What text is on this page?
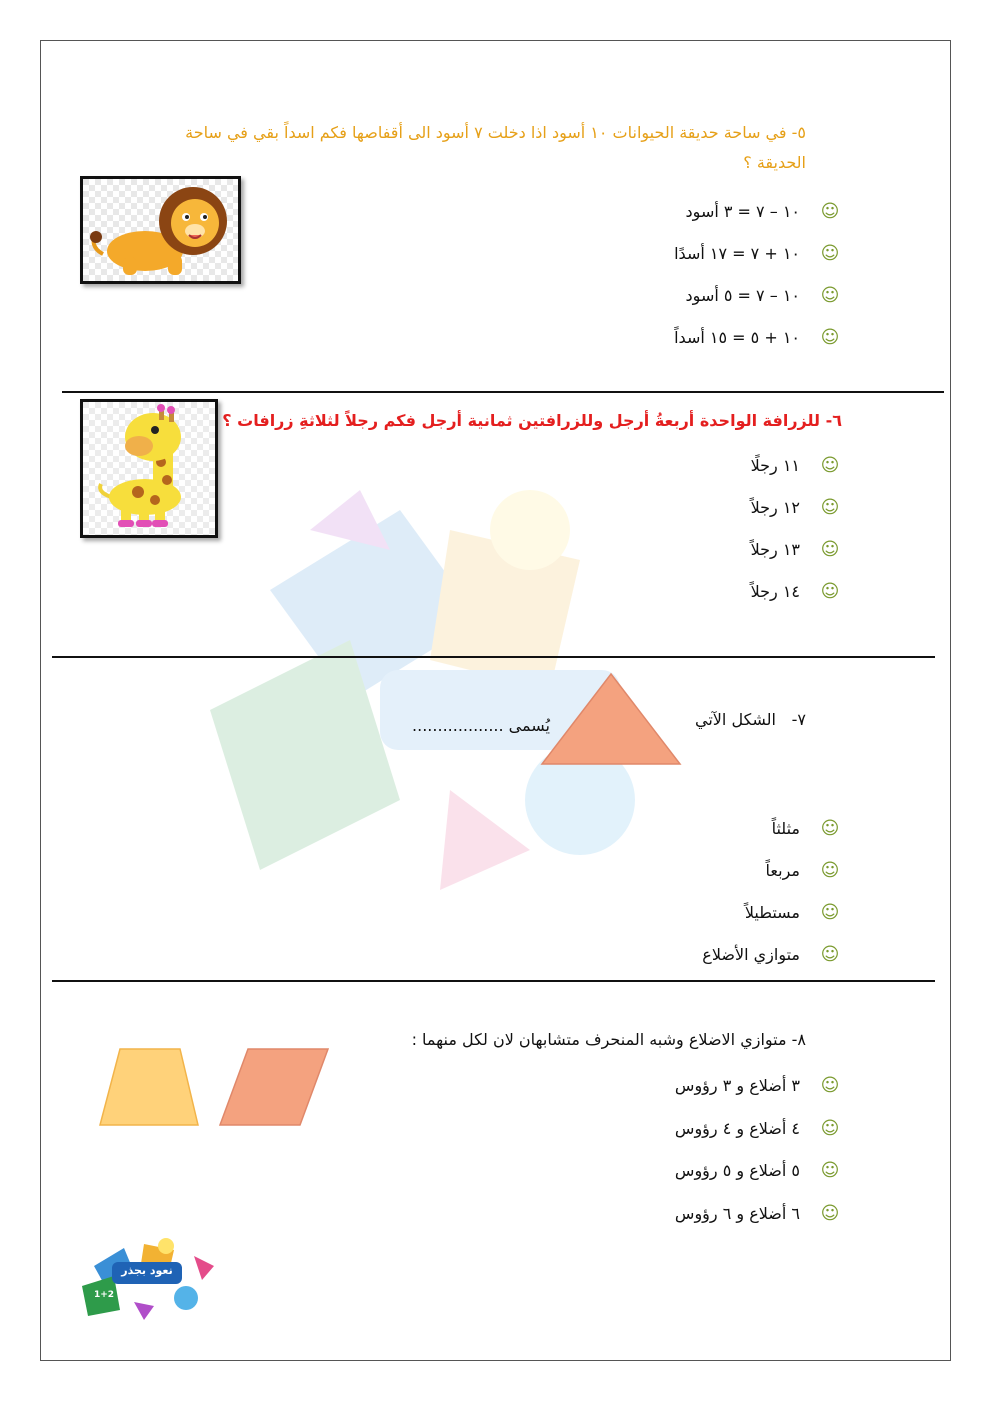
٥- في ساحة حديقة الحيوانات ١٠ أسود اذا دخلت ٧ أسود الى أقفاصها فكم اسداً بقي في ساحة الحديقة ؟
☺
١٠ – ٧ = ٣ أسود
☺
١٠ + ٧ = ١٧ أسدًا
☺
١٠ – ٧ = ٥ أسود
☺
١٠ + ٥ = ١٥ أسداً
٦- للزرافة الواحدة أربعةُ أرجل وللزرافتين ثمانية أرجل فكم رجلاً لثلاثةِ زرافات ؟
☺
١١ رجلًا
☺
١٢ رجلاً
☺
١٣ رجلاً
☺
١٤ رجلاً
٧-
الشكل الآتي
يُسمى ..................
☺
مثلثاً
☺
مربعاً
☺
مستطيلاً
☺
متوازي الأضلاع
٨- متوازي الاضلاع وشبه المنحرف متشابهان لان لكل منهما :
☺
٣ أضلاع و ٣ رؤوس
☺
٤ أضلاع و ٤ رؤوس
☺
٥ أضلاع و ٥ رؤوس
☺
٦ أضلاع و ٦ رؤوس
نعود بجذر
1+2
